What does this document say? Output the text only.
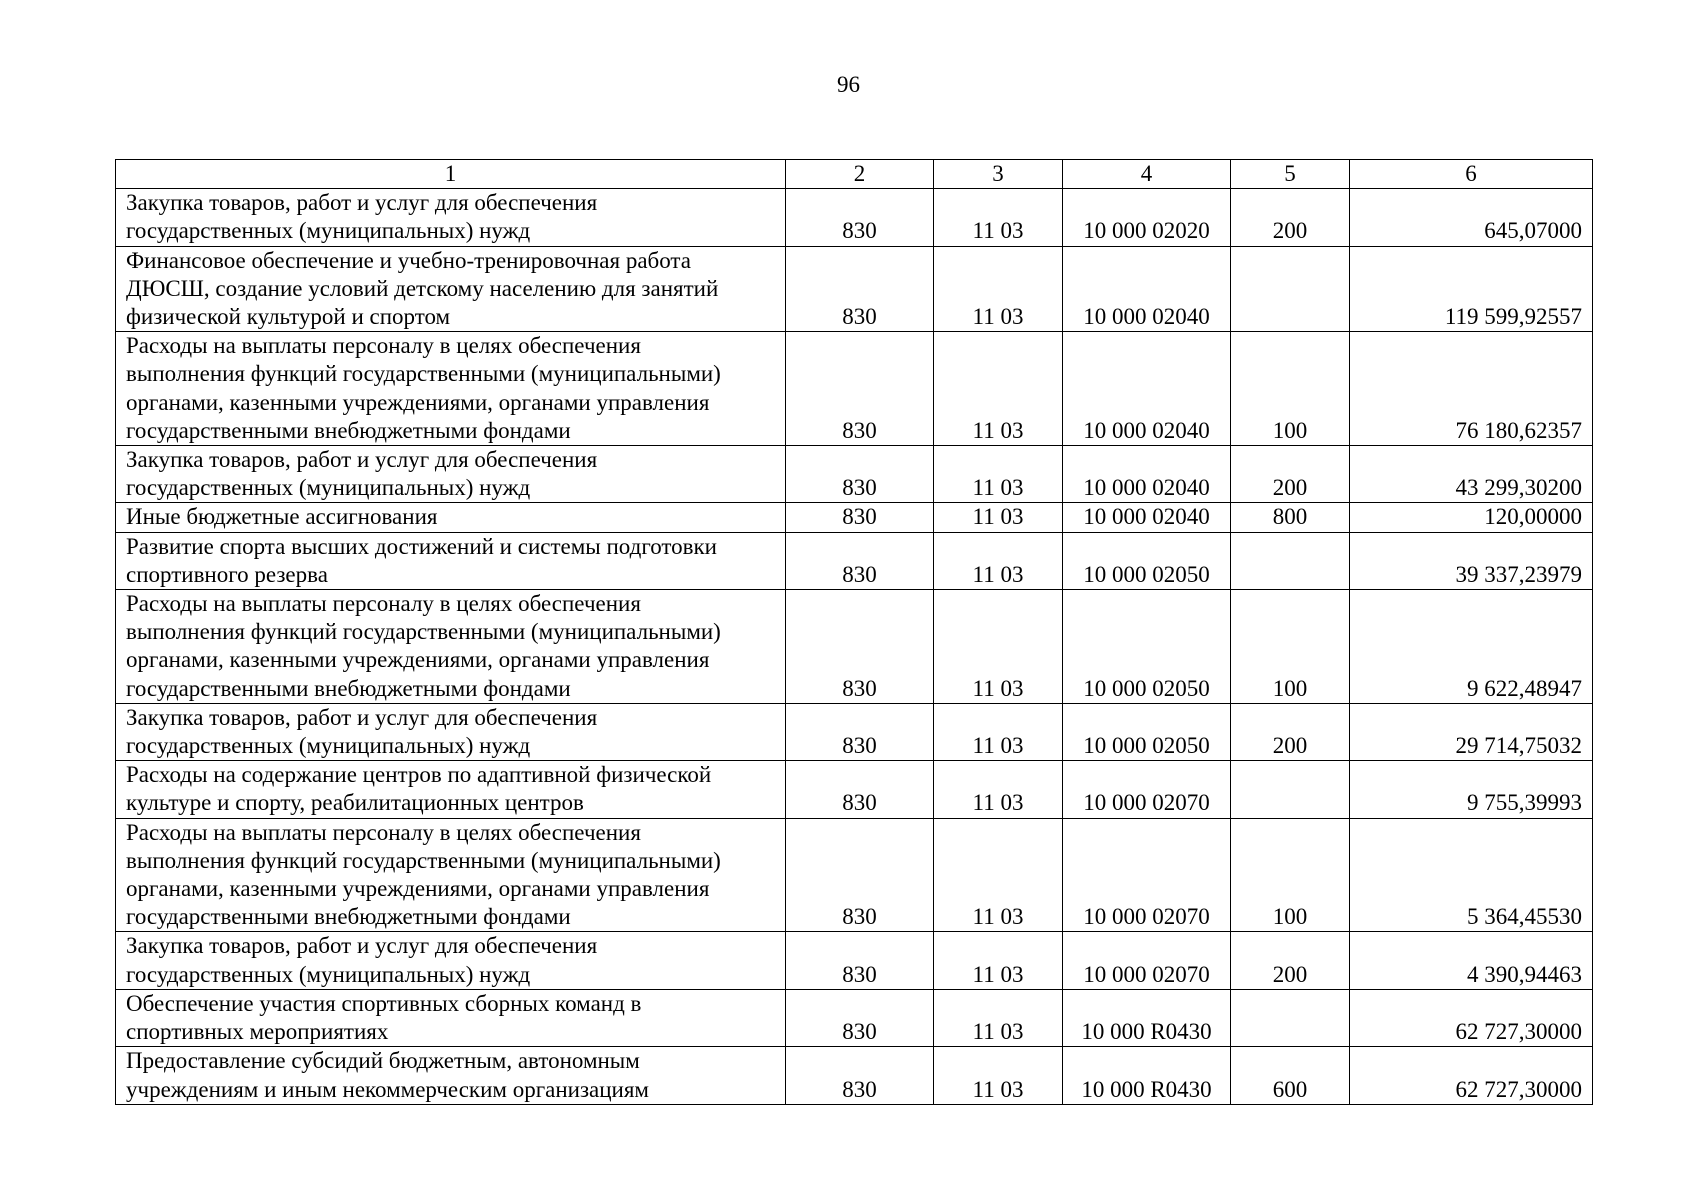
96
1	2	3	4	5	6

Закупка товаров, работ и услуг для обеспечения
государственных (муниципальных) нужд	830	11 03	10 000 02020	200	645,07000

Финансовое обеспечение и учебно-тренировочная работа
ДЮСШ, создание условий детскому населению для занятий
физической культурой и спортом	830	11 03	10 000 02040		119 599,92557

Расходы на выплаты персоналу в целях обеспечения
выполнения функций государственными (муниципальными)
органами, казенными учреждениями, органами управления
государственными внебюджетными фондами	830	11 03	10 000 02040	100	76 180,62357

Закупка товаров, работ и услуг для обеспечения
государственных (муниципальных) нужд	830	11 03	10 000 02040	200	43 299,30200

Иные бюджетные ассигнования	830	11 03	10 000 02040	800	120,00000

Развитие спорта высших достижений и системы подготовки
спортивного резерва	830	11 03	10 000 02050		39 337,23979

Расходы на выплаты персоналу в целях обеспечения
выполнения функций государственными (муниципальными)
органами, казенными учреждениями, органами управления
государственными внебюджетными фондами	830	11 03	10 000 02050	100	9 622,48947

Закупка товаров, работ и услуг для обеспечения
государственных (муниципальных) нужд	830	11 03	10 000 02050	200	29 714,75032

Расходы на содержание центров по адаптивной физической
культуре и спорту, реабилитационных центров	830	11 03	10 000 02070		9 755,39993

Расходы на выплаты персоналу в целях обеспечения
выполнения функций государственными (муниципальными)
органами, казенными учреждениями, органами управления
государственными внебюджетными фондами	830	11 03	10 000 02070	100	5 364,45530

Закупка товаров, работ и услуг для обеспечения
государственных (муниципальных) нужд	830	11 03	10 000 02070	200	4 390,94463

Обеспечение участия спортивных сборных команд в
спортивных мероприятиях	830	11 03	10 000 R0430		62 727,30000

Предоставление субсидий бюджетным, автономным
учреждениям и иным некоммерческим организациям	830	11 03	10 000 R0430	600	62 727,30000
